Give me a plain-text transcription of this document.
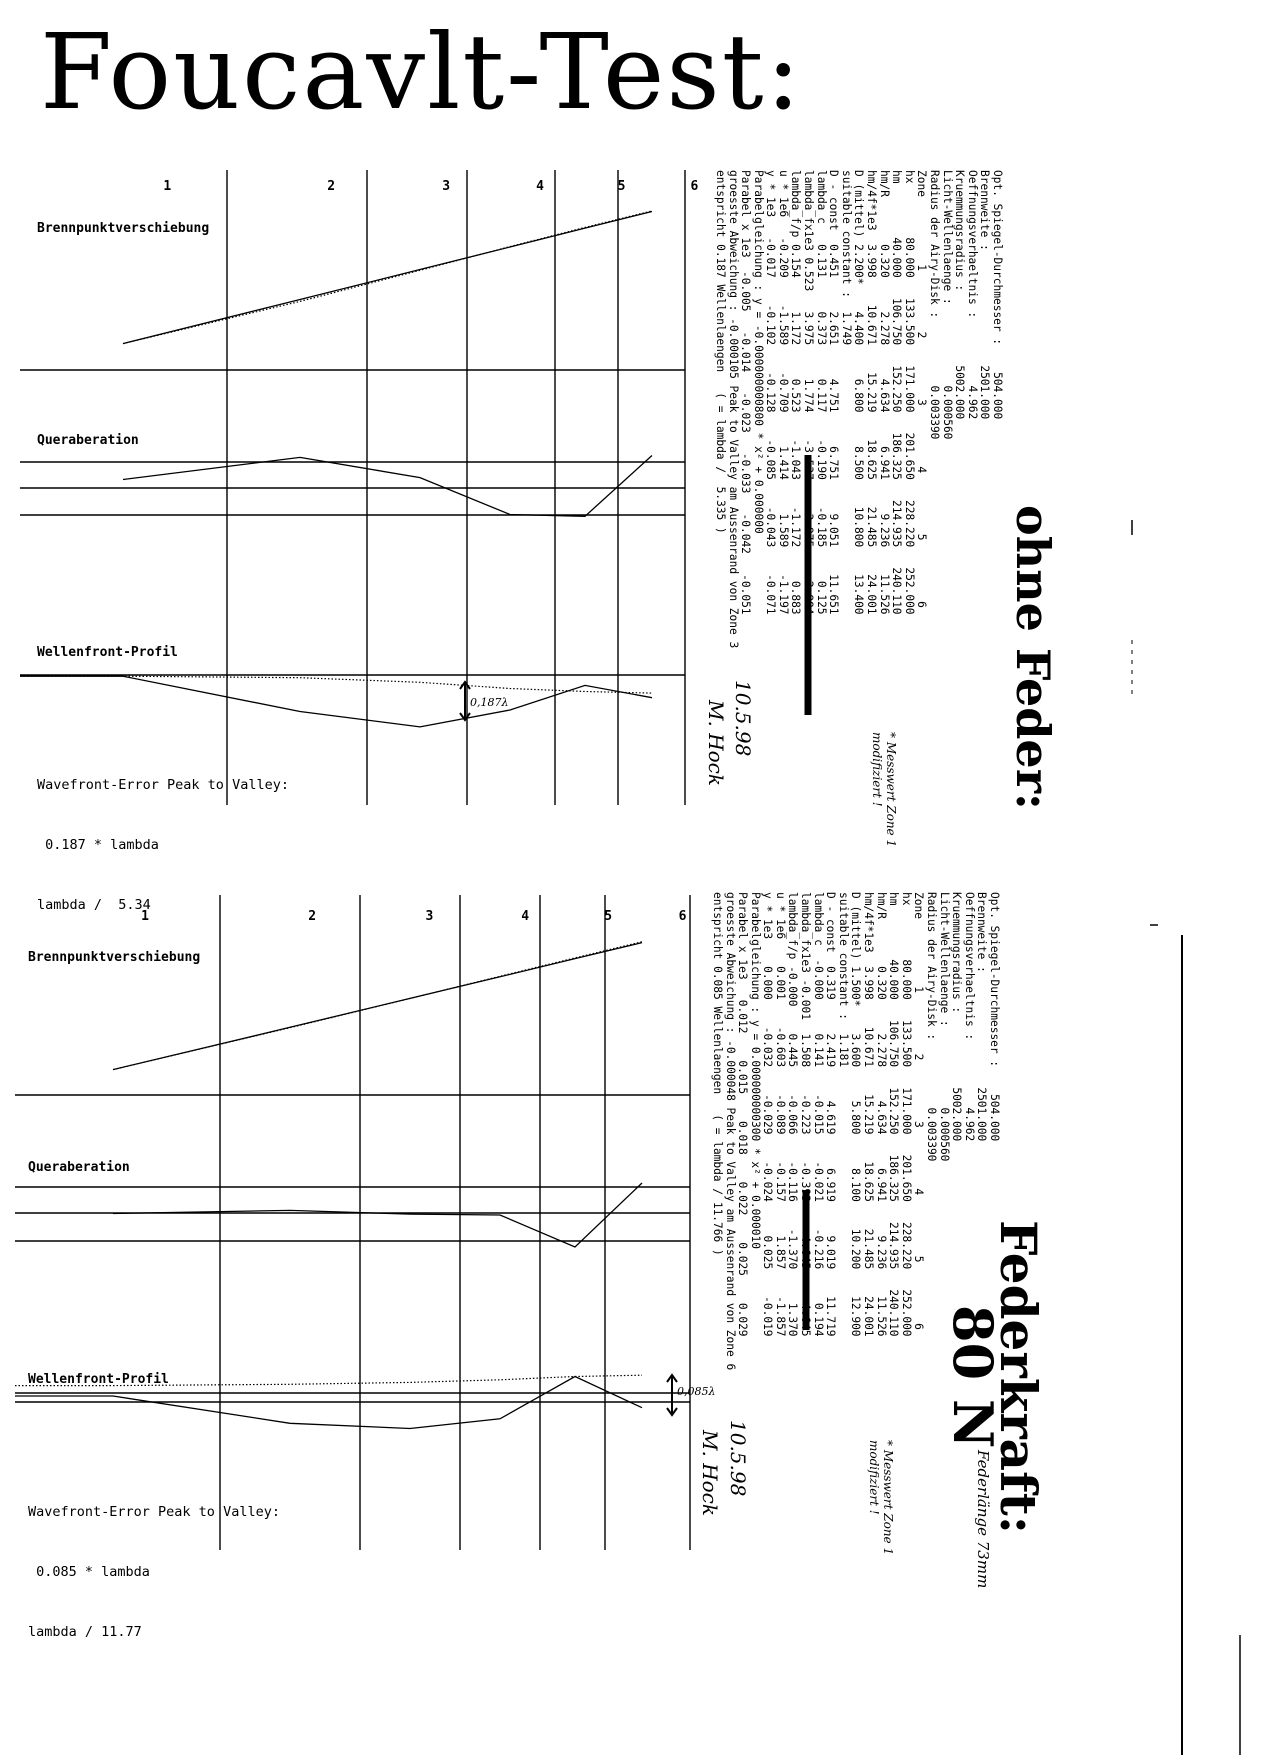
Foucavlt-Test:
1	2	3	4	5	6
Brennpunktverschiebung
Queraberation
Wellenfront-Profil
0,187λ

Wavefront-Error Peak to Valley:

0.187 * lambda

lambda /  5.34

1	2	3	4	5	6
Brennpunktverschiebung
Queraberation
Wellenfront-Profil
0,085λ

Wavefront-Error Peak to Valley:

0.085 * lambda

lambda / 11.77

Opt. Spiegel-Durchmesser :    504.000
Brennweite :                 2501.000
Oeffnungsverhaeltnis :          4.962
Kruemmungsradius :           5002.000
Licht-Wellenlaenge :            0.000560
Radius der Airy-Disk :          0.003390
Zone          1         2         3         4         5         6
hx        80.000   133.500   171.000   201.650   228.220   252.000
hm        40.000   106.750   152.250   186.325   214.935   240.110
hm/R       0.320     2.278     4.634     6.941     9.236    11.526
hm/4f*1e3  3.998    10.671    15.219    18.625    21.485    24.001
D (mittel) 2.200*    4.400     6.800     8.500    10.800    13.400
suitable constant :  1.749
D - const  0.451     2.651     4.751     6.751     9.051    11.651
lambda_c   0.131     0.373     0.117    -0.190    -0.185     0.125
lambda_fx1e3 0.523   3.975     1.774    -3.537    -3.975     2.994
lambda_f/p 0.154     1.172     0.523    -1.043    -1.172     0.883
u * 1e6   -0.209    -1.589    -0.709     1.414     1.589    -1.197
y * 1e3   -0.017    -0.102    -0.128    -0.085    -0.043    -0.071
Parabelgleichung : y = -0.000000000800 * x² + 0.000000
Parabel x 1e3  -0.005   -0.014   -0.023   -0.033   -0.042   -0.051
groesste Abweichung : -0.000105 Peak to Valley am Aussenrand von Zone 3
entspricht 0.187 Wellenlaengen   ( = lambda /  5.335 )
Opt. Spiegel-Durchmesser :    504.000
Brennweite :                 2501.000
Oeffnungsverhaeltnis :          4.962
Kruemmungsradius :           5002.000
Licht-Wellenlaenge :            0.000560
Radius der Airy-Disk :          0.003390
Zone          1         2         3         4         5         6
hx        80.000   133.500   171.000   201.650   228.220   252.000
hm        40.000   106.750   152.250   186.325   214.935   240.110
hm/R       0.320     2.278     4.634     6.941     9.236    11.526
hm/4f*1e3  3.998    10.671    15.219    18.625    21.485    24.001
D (mittel) 1.500*    3.600     5.800     8.100    10.200    12.900
suitable constant :  1.181
D - const  0.319     2.419     4.619     6.919     9.019    11.719
lambda_c  -0.000     0.141    -0.015    -0.021    -0.216     0.194
lambda_fx1e3 -0.001  1.508    -0.223    -0.393    -4.645     4.645
lambda_f/p -0.000    0.445    -0.066    -0.116    -1.370     1.370
u * 1e6    0.001    -0.603    -0.089    -0.157     1.857    -1.857
y * 1e3    0.000    -0.032    -0.029    -0.024     0.025    -0.019
Parabelgleichung : y = 0.000000000300 * x² + 0.000010
Parabel x 1e3   0.012    0.015    0.018    0.022    0.025    0.029
groesste Abweichung : -0.000048 Peak to Valley am Aussenrand von Zone 6
entspricht 0.085 Wellenlaengen   ( = lambda / 11.766 )
ohne Feder:
Federkraft:
80 N
Federlänge 73mm
* Messwert Zone 1 modifiziert !
* Messwert Zone 1 modifiziert !
10.5.98
M. Hock
10.5.98
M. Hock
